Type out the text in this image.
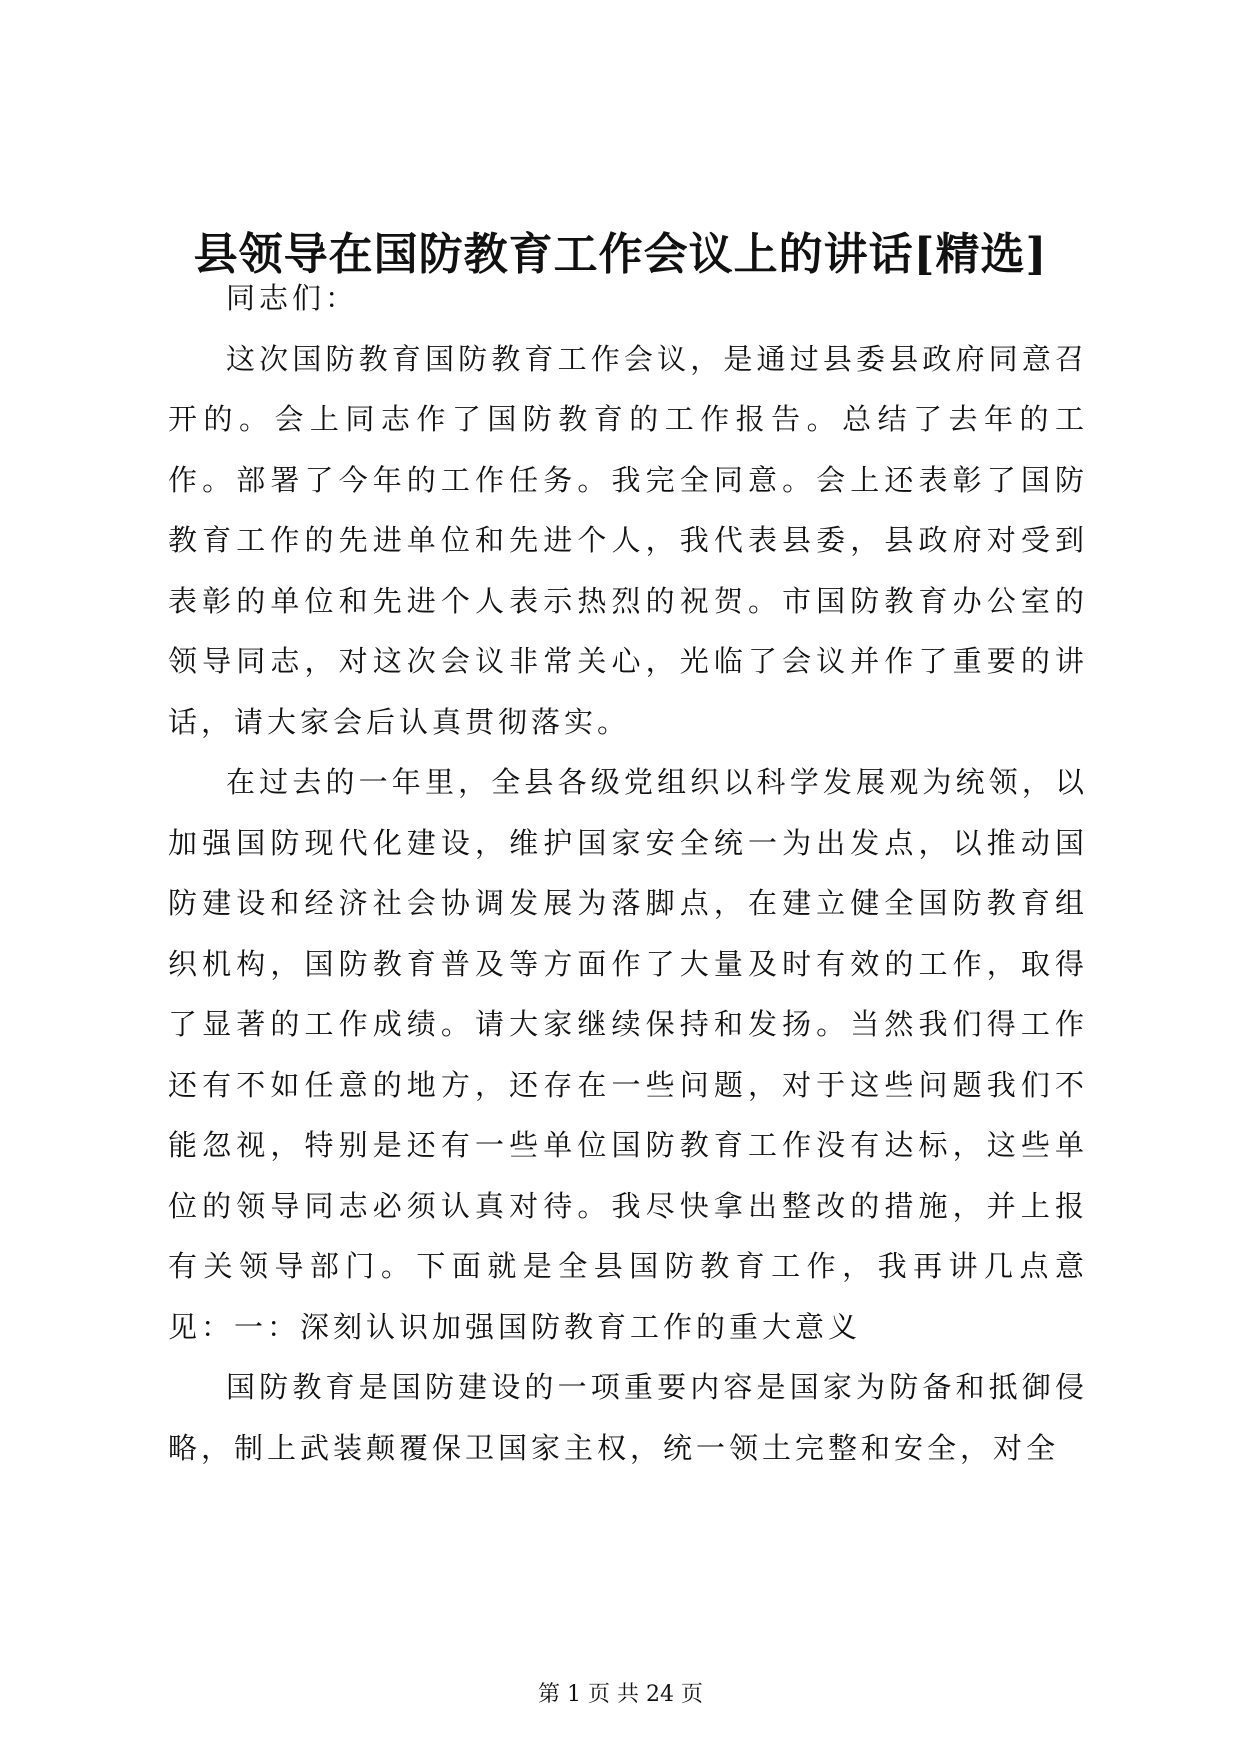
县领导在国防教育工作会议上的讲话[精选]

同志们：

这次国防教育国防教育工作会议，是通过县委县政府同意召开的。会上同志作了国防教育的工作报告。总结了去年的工作。部署了今年的工作任务。我完全同意。会上还表彰了国防教育工作的先进单位和先进个人，我代表县委，县政府对受到表彰的单位和先进个人表示热烈的祝贺。市国防教育办公室的领导同志，对这次会议非常关心，光临了会议并作了重要的讲话，请大家会后认真贯彻落实。

在过去的一年里，全县各级党组织以科学发展观为统领，以加强国防现代化建设，维护国家安全统一为出发点，以推动国防建设和经济社会协调发展为落脚点，在建立健全国防教育组织机构，国防教育普及等方面作了大量及时有效的工作，取得了显著的工作成绩。请大家继续保持和发扬。当然我们得工作还有不如任意的地方，还存在一些问题，对于这些问题我们不能忽视，特别是还有一些单位国防教育工作没有达标，这些单位的领导同志必须认真对待。我尽快拿出整改的措施，并上报有关领导部门。下面就是全县国防教育工作，我再讲几点意见：一：深刻认识加强国防教育工作的重大意义

国防教育是国防建设的一项重要内容是国家为防备和抵御侵略，制上武装颠覆保卫国家主权，统一领土完整和安全，对全

第 1 页 共 24 页
